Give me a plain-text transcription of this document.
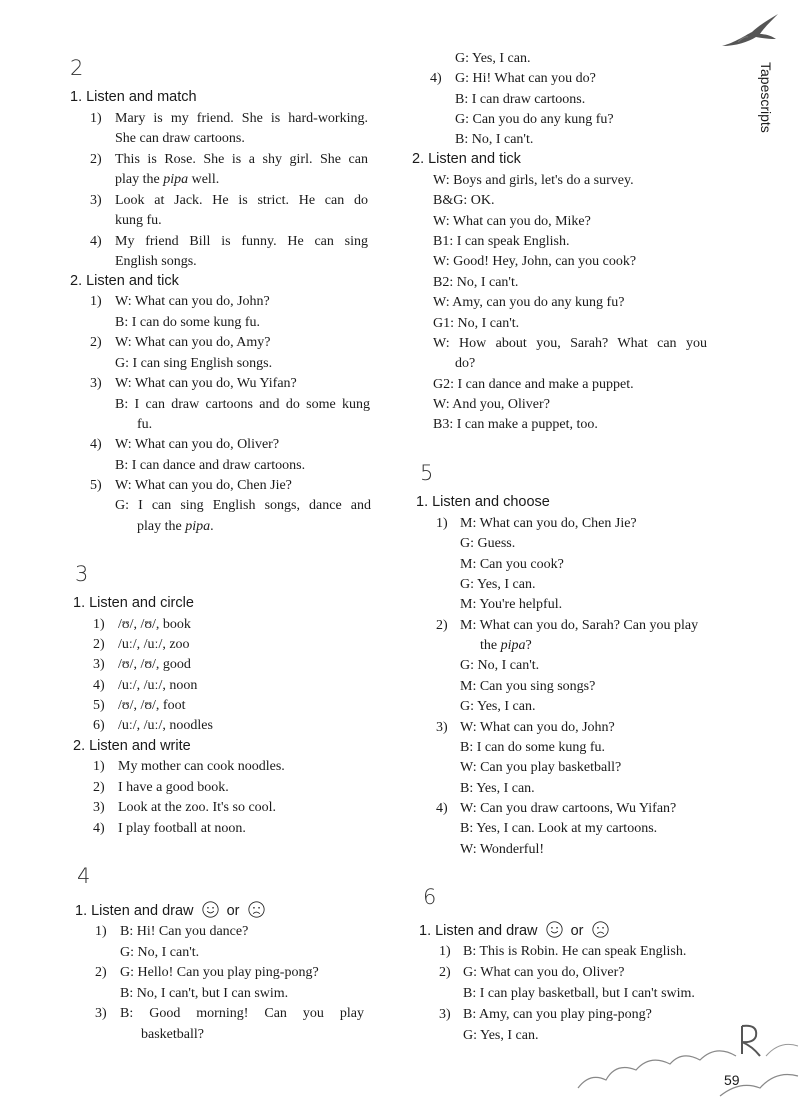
Tapescripts
2
1. Listen and match
1) Mary is my friend. She is hard-working.
She can draw cartoons.
2) This is Rose. She is a shy girl. She can
play the pipa well.
3) Look at Jack. He is strict. He can do
kung fu.
4) My friend Bill is funny. He can sing
English songs.
2. Listen and tick
1) W: What can you do, John?
B: I can do some kung fu.
2) W: What can you do, Amy?
G: I can sing English songs.
3) W: What can you do, Wu Yifan?
B: I can draw cartoons and do some kung
fu.
4) W: What can you do, Oliver?
B: I can dance and draw cartoons.
5) W: What can you do, Chen Jie?
G: I can sing English songs, dance and
play the pipa.
3
1. Listen and circle
1) /ʊ/, /ʊ/, book
2) /uː/, /uː/, zoo
3) /ʊ/, /ʊ/, good
4) /uː/, /uː/, noon
5) /ʊ/, /ʊ/, foot
6) /uː/, /uː/, noodles
2. Listen and write
1) My mother can cook noodles.
2) I have a good book.
3) Look at the zoo. It's so cool.
4) I play football at noon.
4
1. Listen and draw or
1) B: Hi! Can you dance?
G: No, I can't.
2) G: Hello! Can you play ping-pong?
B: No, I can't, but I can swim.
3) B: Good morning! Can you play
basketball?
G: Yes, I can.
4) G: Hi! What can you do?
B: I can draw cartoons.
G: Can you do any kung fu?
B: No, I can't.
2. Listen and tick
W: Boys and girls, let's do a survey.
B&G: OK.
W: What can you do, Mike?
B1: I can speak English.
W: Good! Hey, John, can you cook?
B2: No, I can't.
W: Amy, can you do any kung fu?
G1: No, I can't.
W: How about you, Sarah? What can you
do?
G2: I can dance and make a puppet.
W: And you, Oliver?
B3: I can make a puppet, too.
5
1. Listen and choose
1) M: What can you do, Chen Jie?
G: Guess.
M: Can you cook?
G: Yes, I can.
M: You're helpful.
2) M: What can you do, Sarah? Can you play
the pipa?
G: No, I can't.
M: Can you sing songs?
G: Yes, I can.
3) W: What can you do, John?
B: I can do some kung fu.
W: Can you play basketball?
B: Yes, I can.
4) W: Can you draw cartoons, Wu Yifan?
B: Yes, I can. Look at my cartoons.
W: Wonderful!
6
1. Listen and draw or
1) B: This is Robin. He can speak English.
2) G: What can you do, Oliver?
B: I can play basketball, but I can't swim.
3) B: Amy, can you play ping-pong?
G: Yes, I can.
59
